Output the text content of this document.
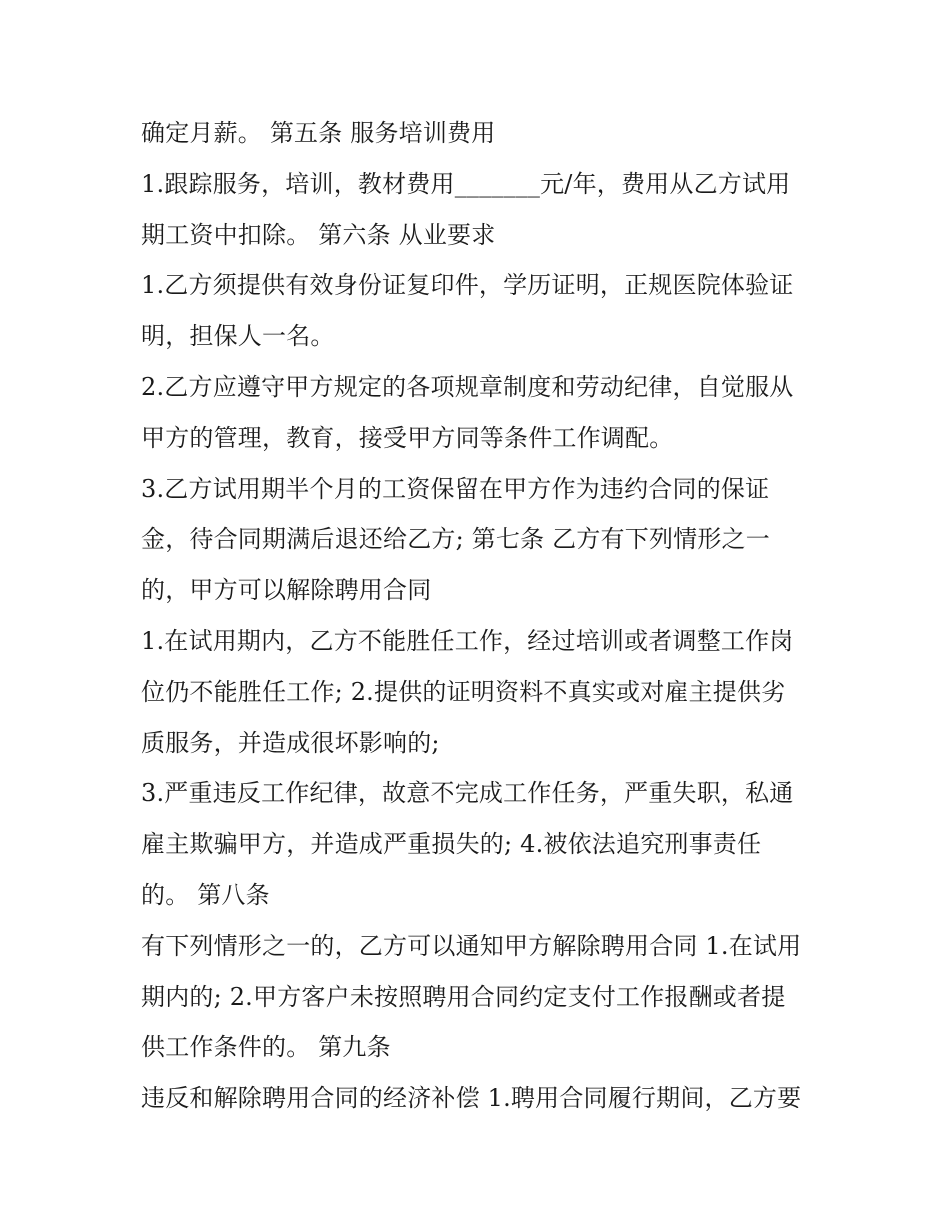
确定月薪。 第五条 服务培训费用
1.跟踪服务，培训，教材费用_______元/年，费用从乙方试用
期工资中扣除。 第六条 从业要求
1.乙方须提供有效身份证复印件，学历证明，正规医院体验证
明，担保人一名。
2.乙方应遵守甲方规定的各项规章制度和劳动纪律，自觉服从
甲方的管理，教育，接受甲方同等条件工作调配。
3.乙方试用期半个月的工资保留在甲方作为违约合同的保证
金，待合同期满后退还给乙方; 第七条 乙方有下列情形之一
的，甲方可以解除聘用合同
1.在试用期内，乙方不能胜任工作，经过培训或者调整工作岗
位仍不能胜任工作; 2.提供的证明资料不真实或对雇主提供劣
质服务，并造成很坏影响的;
3.严重违反工作纪律，故意不完成工作任务，严重失职，私通
雇主欺骗甲方，并造成严重损失的; 4.被依法追究刑事责任
的。 第八条
有下列情形之一的，乙方可以通知甲方解除聘用合同 1.在试用
期内的; 2.甲方客户未按照聘用合同约定支付工作报酬或者提
供工作条件的。 第九条
违反和解除聘用合同的经济补偿 1.聘用合同履行期间，乙方要
